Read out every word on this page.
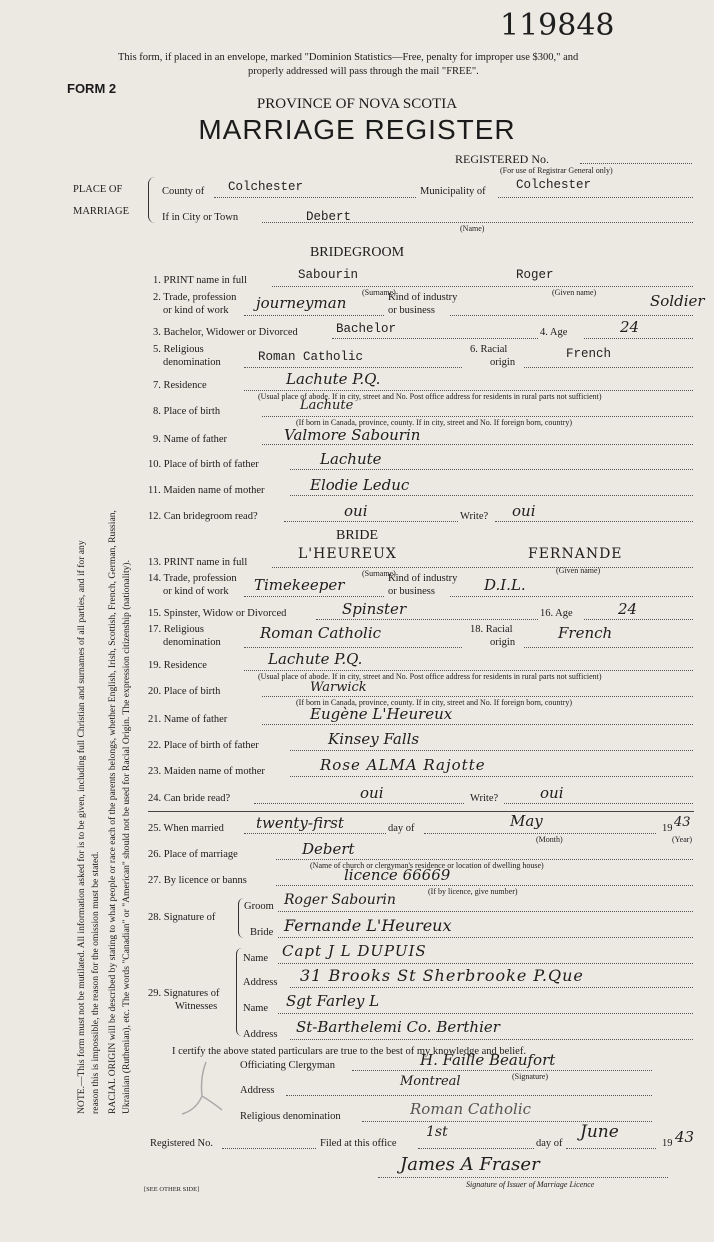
119848
This form, if placed in an envelope, marked "Dominion Statistics—Free, penalty for improper use $300," and
properly addressed will pass through the mail "FREE".
FORM 2
PROVINCE OF NOVA SCOTIA
MARRIAGE REGISTER
REGISTERED No.
(For use of Registrar General only)
PLACE OF
MARRIAGE
County of Colchester	Municipality of Colchester
If in City or Town	Debert
(Name)
BRIDEGROOM
1. PRINT name in full	Sabourin	Roger
(Surname)	(Given name)
2. Trade, profession
or kind of work journeyman	Kind of industry
or business
Soldier
3. Bachelor, Widower or Divorced	Bachelor	4. Age	24
5. Religious
denomination	Roman Catholic
6. Racial
origin
French
7. Residence	Lachute P.Q.
(Usual place of abode. If in city, street and No. Post office address for residents in rural parts not sufficient)
8. Place of birth	Lachute
(If born in Canada, province, county. If in city, street and No. If foreign born, country)
9. Name of father	Valmore Sabourin
10. Place of birth of father	Lachute
11. Maiden name of mother	Elodie Leduc
12. Can bridegroom read?	oui	Write? oui
BRIDE
13. PRINT name in full
L'HEUREUX	FERNANDE
(Surname)	(Given name)
14. Trade, profession
or kind of work Timekeeper	Kind of industry
or business	D.I.L.
15. Spinster, Widow or Divorced	Spinster	16. Age	24
17. Religious
denomination
Roman Catholic	18. Racial
origin
French
19. Residence	Lachute P.Q.
(Usual place of abode. If in city, street and No. Post office address for residents in rural parts not sufficient)
20. Place of birth	Warwick
(If born in Canada, province, county. If in city, street and No. If foreign born, country)
21. Name of father	Eugène L'Heureux
22. Place of birth of father	Kinsey Falls
23. Maiden name of mother	Rose ALMA Rajotte
24. Can bride read?	oui	Write?	oui
25. When married twenty-first	day of	May
(Month)
19 43
(Year)
26. Place of marriage	Debert
(Name of church or clergyman's residence or location of dwelling house)
27. By licence or banns	licence 66669
(If by licence, give number)
28. Signature of
Groom Roger Sabourin
Bride Fernande L'Heureux
29. Signatures of
Witnesses
Name Capt J L DUPUIS
Address 31 Brooks St Sherbrooke P.Que
Name Sgt Farley L
Address St-Barthelemi Co. Berthier
I certify the above stated particulars are true to the best of my knowledge and belief.
Officiating Clergyman	H. Faille Beaufort
(Signature)
Address
Montreal
Religious denomination	Roman Catholic
Registered No.	Filed at this office
1st
day of
June
19 43
James A Fraser
Signature of Issuer of Marriage Licence
[SEE OTHER SIDE]
NOTE.—This form must not be mutilated. All information asked for is to be given, including full Christian and surnames of all parties, and if for any reason this is impossible, the reason for the omission must be stated. RACIAL ORIGIN will be described by stating to what people or race each of the parents belongs, whether English, Irish, Scottish, French, German, Russian, Ukrainian (Ruthenian), etc. The words "Canadian" or "American" should not be used for Racial Origin. The expression citizenship (nationality).
